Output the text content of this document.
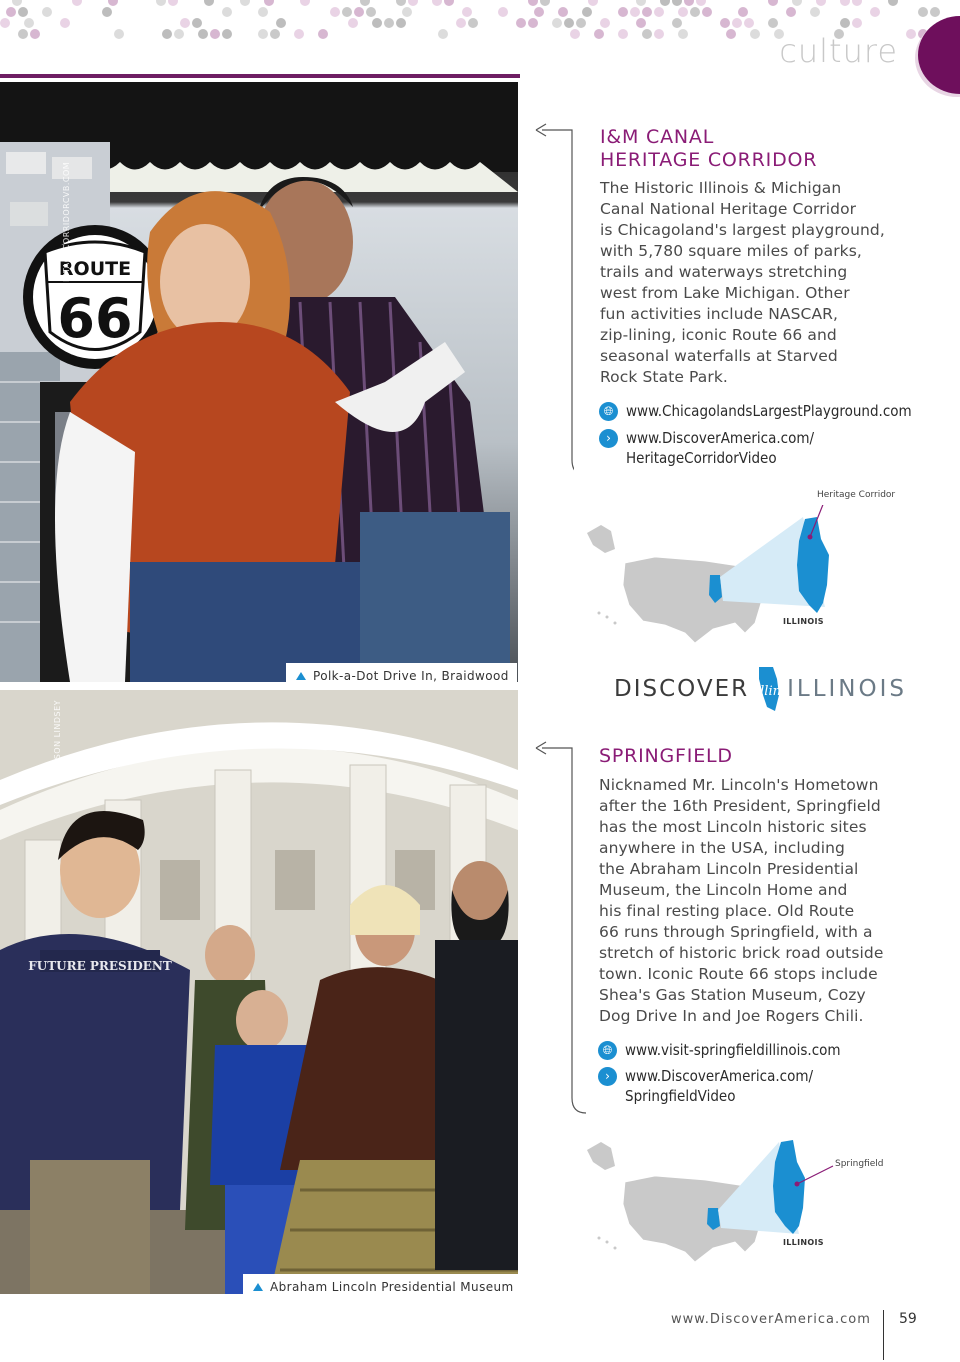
culture
ROUTE
66
HERITAGECORRIDORCVB.COM
Polk-a-Dot Drive In, Braidwood
FUTURE PRESIDENT
JASON LINDSEY
Abraham Lincoln Presidential Museum
I&M CANAL
HERITAGE CORRIDOR
The Historic Illinois & Michigan
Canal National Heritage Corridor
is Chicagoland's largest playground,
with 5,780 square miles of parks,
trails and waterways stretching
west from Lake Michigan. Other
fun activities include NASCAR,
zip-lining, iconic Route 66 and
seasonal waterfalls at Starved
Rock State Park.
🌐︎ www.ChicagolandsLargestPlayground.com
›	www.DiscoverAmerica.com/
HeritageCorridorVideo
Heritage Corridor
ILLINOIS
DISCOVER Illin ILLINOIS
SPRINGFIELD
Nicknamed Mr. Lincoln's Hometown
after the 16th President, Springfield
has the most Lincoln historic sites
anywhere in the USA, including
the Abraham Lincoln Presidential
Museum, the Lincoln Home and
his final resting place. Old Route
66 runs through Springfield, with a
stretch of historic brick road outside
town. Iconic Route 66 stops include
Shea's Gas Station Museum, Cozy
Dog Drive In and Joe Rogers Chili.
🌐︎ www.visit-springfieldillinois.com
›	www.DiscoverAmerica.com/
SpringfieldVideo
Springfield
ILLINOIS
www.DiscoverAmerica.com 59
